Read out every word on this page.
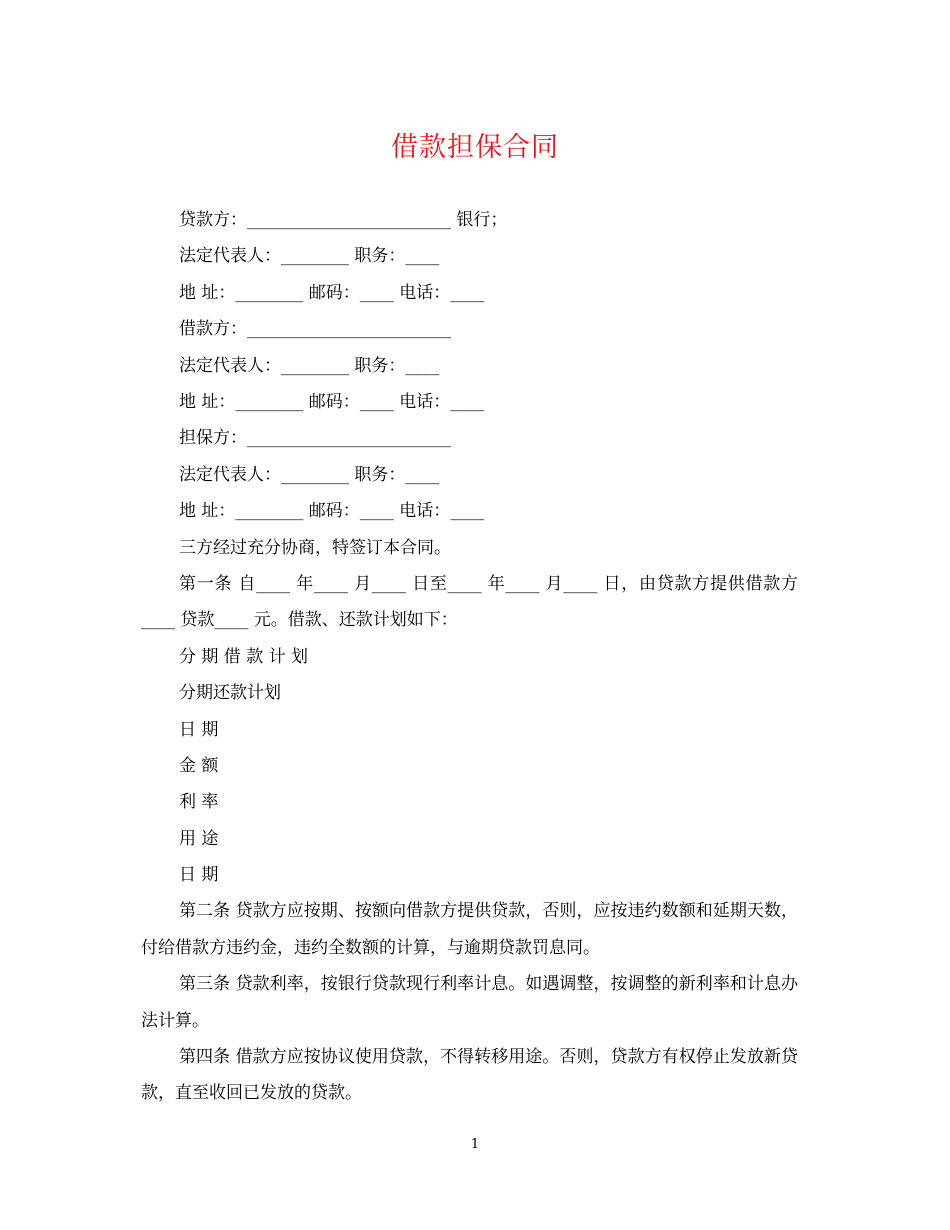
借款担保合同

贷款方：________________________ 银行；

法定代表人：________ 职务：____

地 址：________ 邮码：____ 电话：____

借款方：________________________

法定代表人：________ 职务：____

地 址：________ 邮码：____ 电话：____

担保方：________________________

法定代表人：________ 职务：____

地 址：________ 邮码：____ 电话：____

三方经过充分协商，特签订本合同。

第一条 自____ 年____ 月____ 日至____ 年____ 月____ 日，由贷款方提供借款方____ 贷款____ 元。借款、还款计划如下：

分 期 借 款 计 划

分期还款计划

日 期

金 额

利 率

用 途

日 期

第二条 贷款方应按期、按额向借款方提供贷款，否则，应按违约数额和延期天数，付给借款方违约金，违约全数额的计算，与逾期贷款罚息同。

第三条 贷款利率，按银行贷款现行利率计息。如遇调整，按调整的新利率和计息办法计算。

第四条 借款方应按协议使用贷款，不得转移用途。否则，贷款方有权停止发放新贷款，直至收回已发放的贷款。

1
